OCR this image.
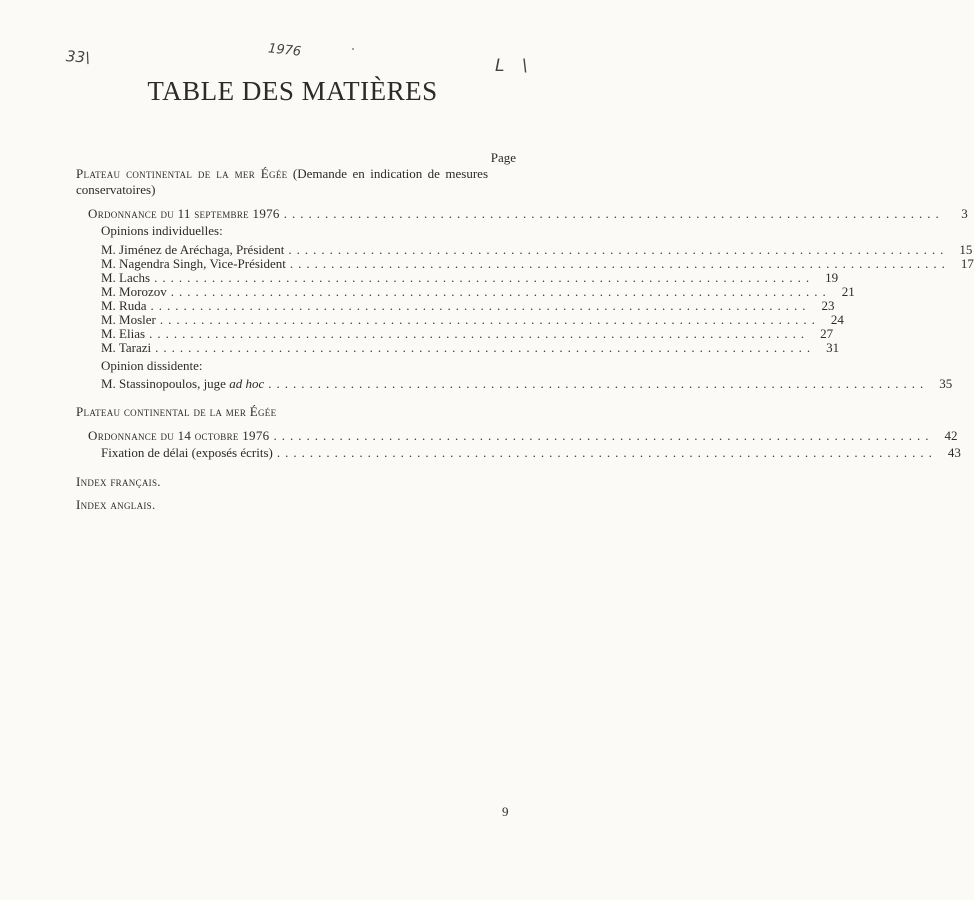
33\	1976
L \
TABLE DES MATIÈRES
Page
Plateau continental de la mer Égée (Demande en indication de mesures conservatoires)
Ordonnance du 11 septembre 1976 ................................................................................	3
Opinions individuelles:
M. Jiménez de Aréchaga, Président ................................................................................ 15
M. Nagendra Singh, Vice-Président ................................................................................ 17
M. Lachs ................................................................................ 19
M. Morozov ................................................................................ 21
M. Ruda ................................................................................ 23
M. Mosler ................................................................................ 24
M. Elias ................................................................................ 27
M. Tarazi ................................................................................ 31
Opinion dissidente:
M. Stassinopoulos, juge ad hoc ................................................................................ 35
Plateau continental de la mer Égée
Ordonnance du 14 octobre 1976 ................................................................................ 42
Fixation de délai (exposés écrits) ................................................................................ 43
Index français.
Index anglais.
9
